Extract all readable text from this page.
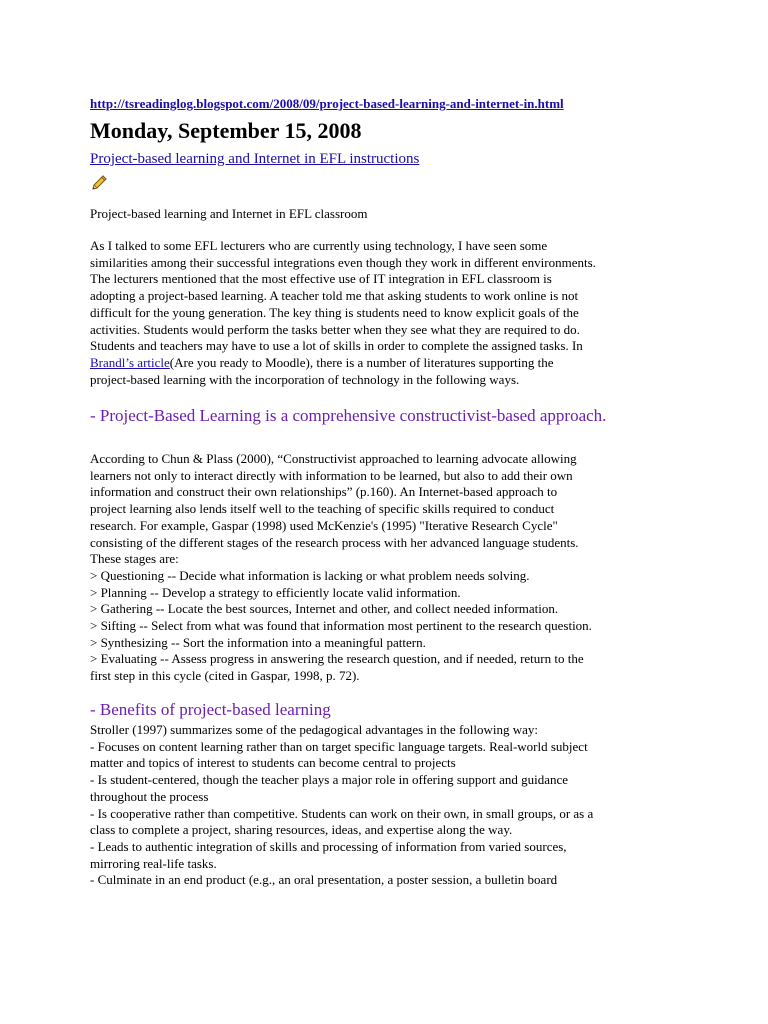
http://tsreadinglog.blogspot.com/2008/09/project-based-learning-and-internet-in.html
Monday, September 15, 2008
Project-based learning and Internet in EFL instructions

Project-based learning and Internet in EFL classroom

As I talked to some EFL lecturers who are currently using technology, I have seen some
similarities among their successful integrations even though they work in different environments.
The lecturers mentioned that the most effective use of IT integration in EFL classroom is
adopting a project-based learning. A teacher told me that asking students to work online is not
difficult for the young generation. The key thing is students need to know explicit goals of the
activities. Students would perform the tasks better when they see what they are required to do.
Students and teachers may have to use a lot of skills in order to complete the assigned tasks. In
Brandl’s article(Are you ready to Moodle), there is a number of literatures supporting the
project-based learning with the incorporation of technology in the following ways.
- Project-Based Learning is a comprehensive constructivist-based approach.
According to Chun & Plass (2000), “Constructivist approached to learning advocate allowing
learners not only to interact directly with information to be learned, but also to add their own
information and construct their own relationships” (p.160). An Internet-based approach to
project learning also lends itself well to the teaching of specific skills required to conduct
research. For example, Gaspar (1998) used McKenzie's (1995) "Iterative Research Cycle"
consisting of the different stages of the research process with her advanced language students.
These stages are:
> Questioning -- Decide what information is lacking or what problem needs solving.
> Planning -- Develop a strategy to efficiently locate valid information.
> Gathering -- Locate the best sources, Internet and other, and collect needed information.
> Sifting -- Select from what was found that information most pertinent to the research question.
> Synthesizing -- Sort the information into a meaningful pattern.
> Evaluating -- Assess progress in answering the research question, and if needed, return to the
first step in this cycle (cited in Gaspar, 1998, p. 72).
- Benefits of project-based learning
Stroller (1997) summarizes some of the pedagogical advantages in the following way:
- Focuses on content learning rather than on target specific language targets. Real-world subject
matter and topics of interest to students can become central to projects
- Is student-centered, though the teacher plays a major role in offering support and guidance
throughout the process
- Is cooperative rather than competitive. Students can work on their own, in small groups, or as a
class to complete a project, sharing resources, ideas, and expertise along the way.
- Leads to authentic integration of skills and processing of information from varied sources,
mirroring real-life tasks.
- Culminate in an end product (e.g., an oral presentation, a poster session, a bulletin board
